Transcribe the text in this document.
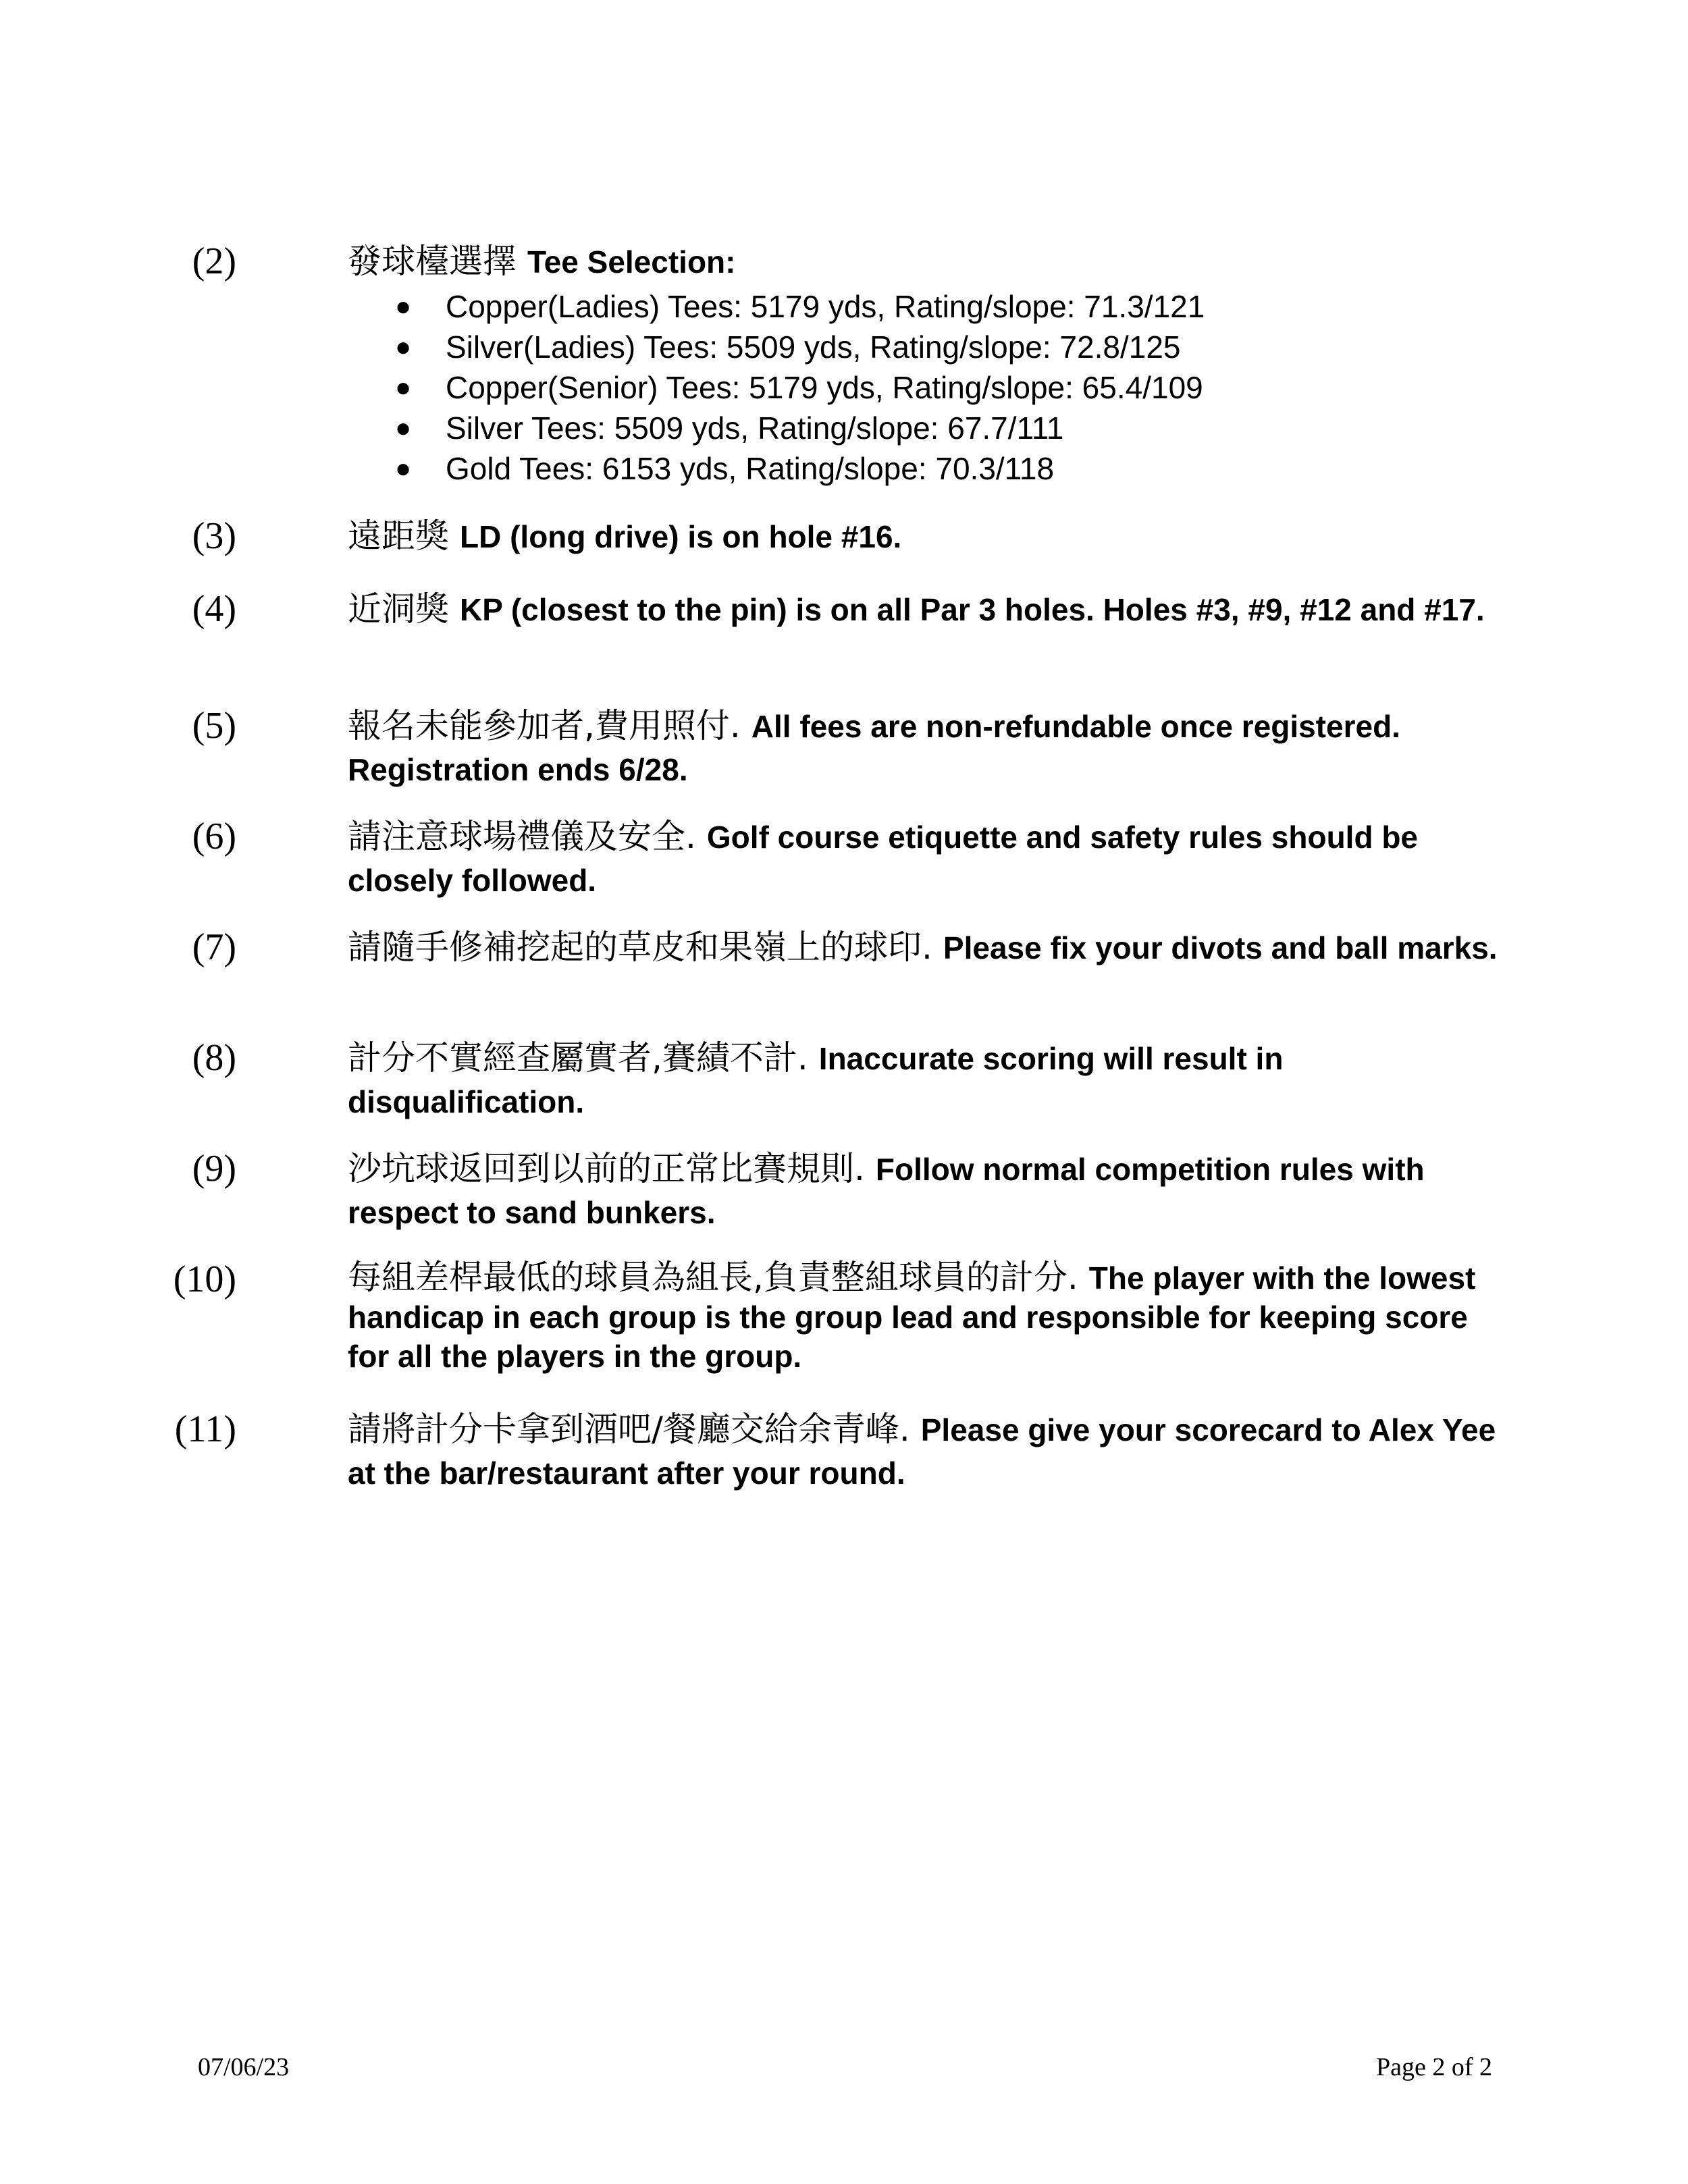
(2)	發球檯選擇 Tee Selection:
● Copper(Ladies) Tees: 5179 yds, Rating/slope: 71.3/121
● Silver(Ladies) Tees: 5509 yds, Rating/slope: 72.8/125
● Copper(Senior) Tees: 5179 yds, Rating/slope: 65.4/109
● Silver Tees: 5509 yds, Rating/slope: 67.7/111
● Gold Tees: 6153 yds, Rating/slope: 70.3/118
(3)	遠距獎 LD (long drive) is on hole #16.
(4)	近洞獎 KP (closest to the pin) is on all Par 3 holes. Holes #3, #9, #12 and #17.
(5)	報名未能參加者,費用照付. All fees are non-refundable once registered. Registration ends 6/28.
(6)	請注意球場禮儀及安全. Golf course etiquette and safety rules should be closely followed.
(7)	請隨手修補挖起的草皮和果嶺上的球印. Please fix your divots and ball marks.
(8)	計分不實經查屬實者,賽績不計. Inaccurate scoring will result in disqualification.
(9)	沙坑球返回到以前的正常比賽規則. Follow normal competition rules with respect to sand bunkers.
(10)	每組差桿最低的球員為組長,負責整組球員的計分. The player with the lowest handicap in each group is the group lead and responsible for keeping score for all the players in the group.
(11)	請將計分卡拿到酒吧/餐廳交給余青峰. Please give your scorecard to Alex Yee at the bar/restaurant after your round.
07/06/23	Page 2 of 2
